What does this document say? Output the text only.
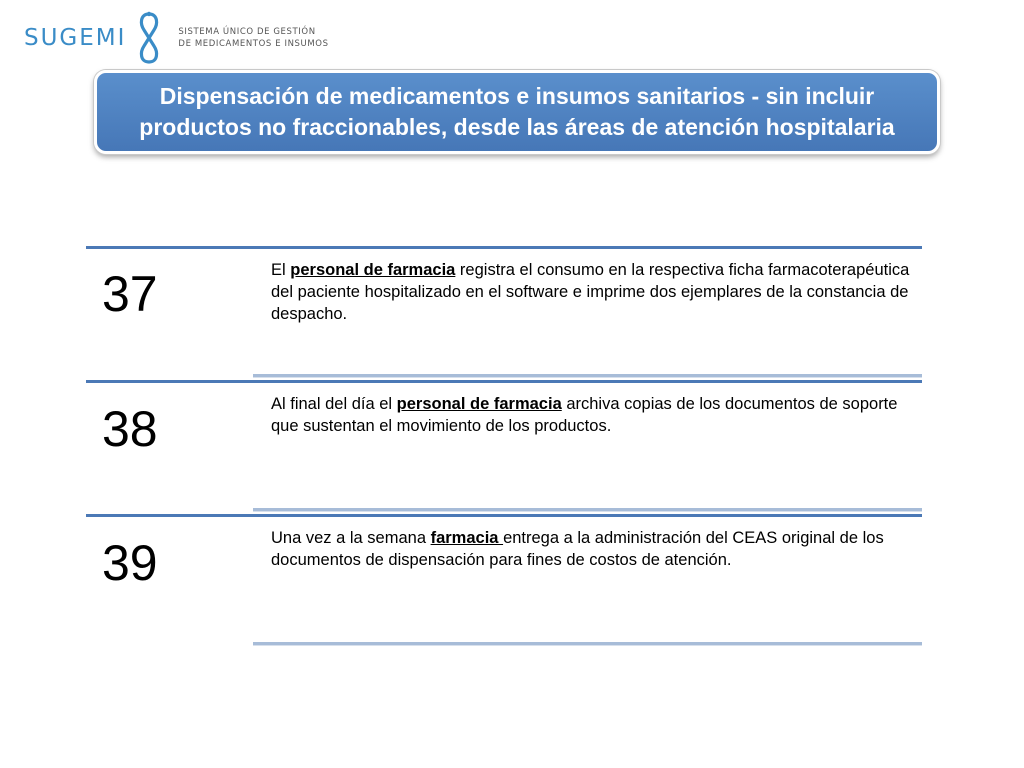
SUGEMI	SISTEMA ÚNICO DE GESTIÓN
DE MEDICAMENTOS E INSUMOS
Dispensación de medicamentos e insumos sanitarios - sin incluir
productos no fraccionables, desde las áreas de atención hospitalaria
37	El personal de farmacia registra el consumo en la respectiva ficha farmacoterapéutica del paciente hospitalizado en el software e imprime dos ejemplares de la constancia de despacho.
38	Al final del día el personal de farmacia archiva copias de los documentos de soporte que sustentan el movimiento de los productos.
39	Una vez a la semana farmacia entrega a la administración del CEAS original de los documentos de dispensación para fines de costos de atención.
